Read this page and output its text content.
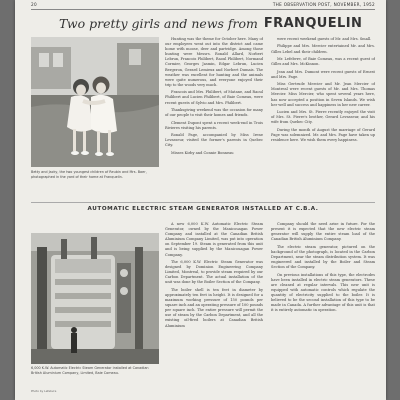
20	THE OBSERVATION POST, NOVEMBER, 1952
Two pretty girls and news from FRANQUELIN
Betty and Jacky, the two youngest children of Reubin and Mrs. Baer, photographed in the yard of their home at Franquelin.

Hunting was the theme for October here. Many of our employees went out into the district and came home with moose, deer and partridge. Among those hunting were Messrs. Ronald Allard, Norbert Lebrun, Francois Philibert, Raoul Philibert, Normand Cormier, Georges Jasmin, Edgar Lebrun, Lucien Bergeron, Gerard Lemieux and Norbert Dumais. The weather was excellent for hunting and the animals were quite numerous, and everyone enjoyed their trip to the woods very much.

Francois and Mrs. Philibert, of Matane, and Raoul Philibert and Lucien Philibert, of Baie Comeau, were recent guests of Sylvio and Mrs. Philibert.

Thanksgiving weekend was the occasion for many of our people to visit their homes and friends.

Clement Dupont spent a recent week-end in Trois Rivieres visiting his parents.

Ronald Page, accompanied by Miss Irene Levasseur, visited the former's parents in Quebec City.

Misses Kirby and Connie Bonneau

were recent weekend guests of Mr. and Mrs. Small.

Philippe and Mrs. Mercier entertained Mr. and Mrs. Gilles Lebel and their children.

Mr. Lefebvre, of Baie Comeau, was a recent guest of Gilles and Mrs. McKinnon.

Jean and Mrs. Dumont were recent guests of Ernest and Mrs. Page.

Miss Gertrude Mercier and Mr. Jean Mercier of Montreal were recent guests of Mr. and Mrs. Thomas Mercier. Miss Mercier, who spent several years here, has now accepted a position in Seven Islands. We wish her well and success and happiness in her new career.

Lucien and Mrs. St. Pierre recently enjoyed the visit of Mrs. St. Pierre's brother, Gerard Levasseur, and his wife from Quebec City.

During the month of August the marriage of Gerard Page was solemnized. Mr. and Mrs. Page have taken up residence here. We wish them every happiness.

AUTOMATIC ELECTRIC STEAM GENERATOR INSTALLED AT C.B.A.
6,000 K.W. Automatic Electric Steam Generator installed at Canadian British Aluminium Company, Limited, Baie Comeau.
Photo by Lefebvre

A new 6,000 K.W. Automatic Electric Steam Generator, owned by the Manicouagan Power Company and installed at the Canadian British Aluminium Company Limited, was put into operation on September 19. Steam is generated from this unit and is being supplied by the Manicouagan Power Company.

The 6,000 K.W. Electric Steam Generator was designed by Dominion Engineering Company Limited, Montreal, to provide steam required by our Carbon Department. The actual installation of the unit was done by the Boiler Section of the Company.

The boiler shell is ten feet in diameter by approximately ten feet in height. It is designed for a maximum working pressure of 150 pounds per square inch and an operating pressure of 100 pounds per square inch. The entire pressure will permit the use of steam by the Carbon Department, and all the existing oil-fired boilers at Canadian British Aluminium

Company should the need arise in future. For the present it is expected that the new electric steam generator will supply the entire steam load of the Canadian British Aluminium Company.

The electric steam generator, pictured on the background of the photograph, is located in the Carbon Department, near the steam distribution system. It was engineered and installed by the Boiler and Steam Section of the Company.

On previous installations of this type, the electrodes have been installed in electric steam generators. These are cleaned at regular intervals. This new unit is equipped with automatic controls which regulate the quantity of electricity supplied to the boiler. It is believed to be the second installation of this type to be made in Canada. A further advantage of this unit is that it is entirely automatic in operation.
